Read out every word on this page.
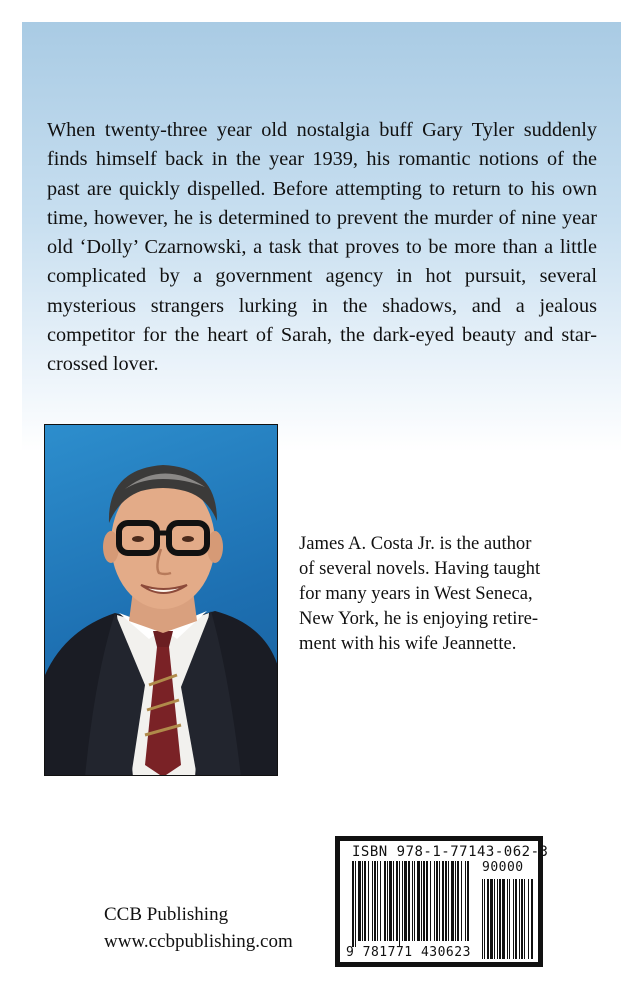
When twenty-three year old nostalgia buff Gary Tyler suddenly finds himself back in the year 1939, his romantic notions of the past are quickly dispelled. Before attempting to return to his own time, however, he is determined to prevent the murder of nine year old ‘Dolly’ Czarnowski, a task that proves to be more than a little complicated by a government agency in hot pursuit, several mysterious strangers lurking in the shadows, and a jealous competitor for the heart of Sarah, the dark-eyed beauty and star-crossed lover.

James A. Costa Jr. is the author
of several novels. Having taught
for many years in West Seneca,
New York, he is enjoying retire-
ment with his wife Jeannette.
CCB Publishing
www.ccbpublishing.com
ISBN 978-1-77143-062-3
90000
9 781771 430623
